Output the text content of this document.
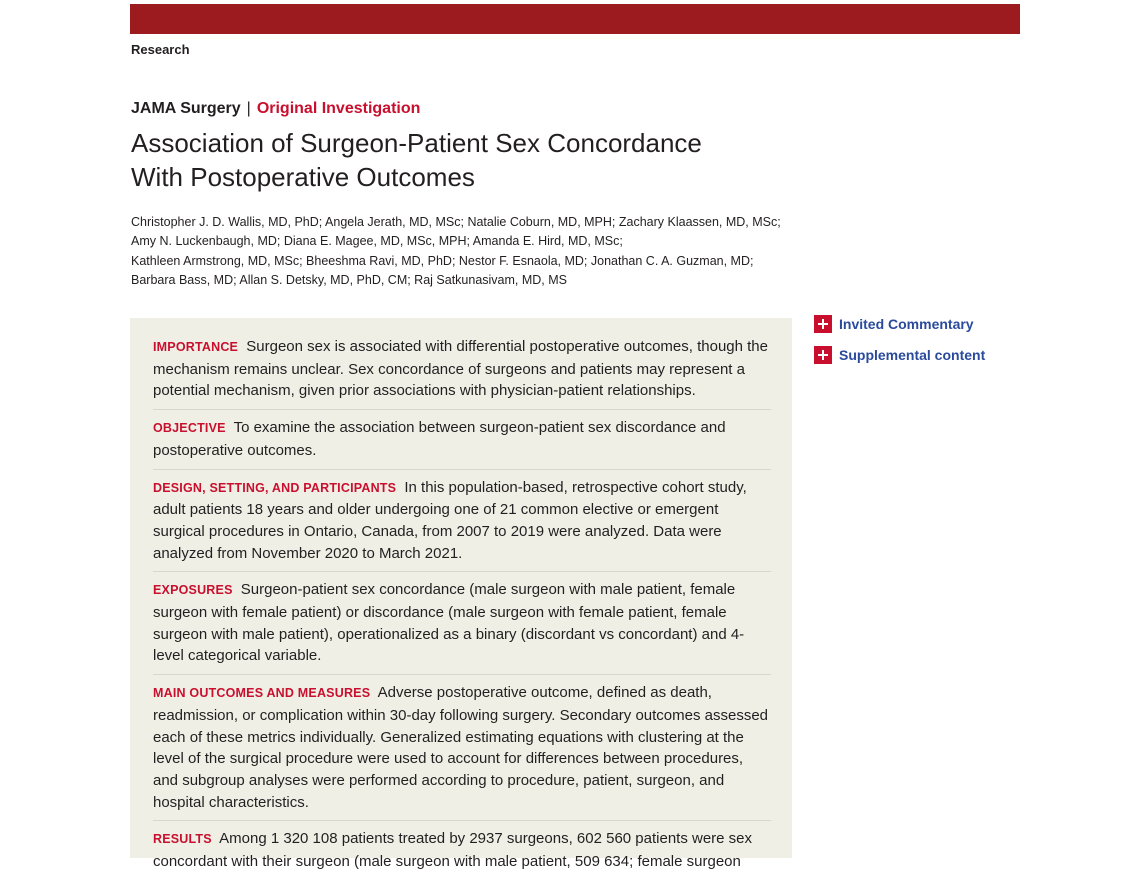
Research
JAMA Surgery | Original Investigation
Association of Surgeon-Patient Sex Concordance
With Postoperative Outcomes
Christopher J. D. Wallis, MD, PhD; Angela Jerath, MD, MSc; Natalie Coburn, MD, MPH; Zachary Klaassen, MD, MSc;
Amy N. Luckenbaugh, MD; Diana E. Magee, MD, MSc, MPH; Amanda E. Hird, MD, MSc;
Kathleen Armstrong, MD, MSc; Bheeshma Ravi, MD, PhD; Nestor F. Esnaola, MD; Jonathan C. A. Guzman, MD;
Barbara Bass, MD; Allan S. Detsky, MD, PhD, CM; Raj Satkunasivam, MD, MS
IMPORTANCE Surgeon sex is associated with differential postoperative outcomes, though the mechanism remains unclear. Sex concordance of surgeons and patients may represent a potential mechanism, given prior associations with physician-patient relationships.
OBJECTIVE To examine the association between surgeon-patient sex discordance and postoperative outcomes.
DESIGN, SETTING, AND PARTICIPANTS In this population-based, retrospective cohort study, adult patients 18 years and older undergoing one of 21 common elective or emergent surgical procedures in Ontario, Canada, from 2007 to 2019 were analyzed. Data were analyzed from November 2020 to March 2021.
EXPOSURES Surgeon-patient sex concordance (male surgeon with male patient, female surgeon with female patient) or discordance (male surgeon with female patient, female surgeon with male patient), operationalized as a binary (discordant vs concordant) and 4-level categorical variable.
MAIN OUTCOMES AND MEASURES Adverse postoperative outcome, defined as death, readmission, or complication within 30-day following surgery. Secondary outcomes assessed each of these metrics individually. Generalized estimating equations with clustering at the level of the surgical procedure were used to account for differences between procedures, and subgroup analyses were performed according to procedure, patient, surgeon, and hospital characteristics.
RESULTS Among 1 320 108 patients treated by 2937 surgeons, 602 560 patients were sex concordant with their surgeon (male surgeon with male patient, 509 634; female surgeon
Invited Commentary
Supplemental content
